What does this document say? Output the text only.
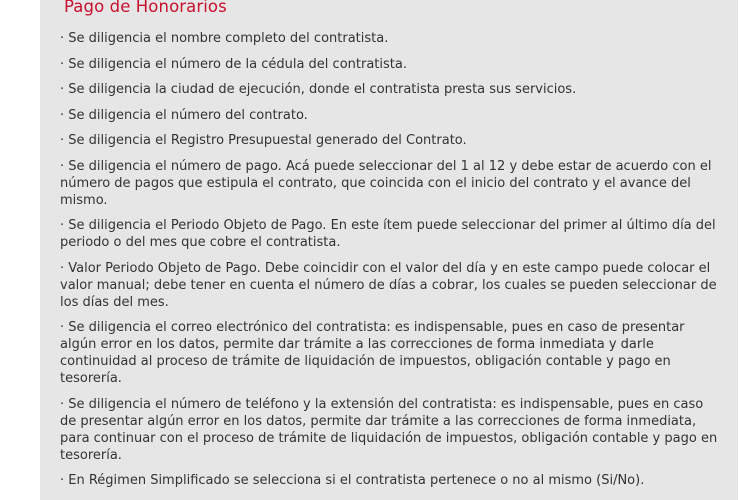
Pago de Honorarios
· Se diligencia el nombre completo del contratista.
· Se diligencia el número de la cédula del contratista.
· Se diligencia la ciudad de ejecución, donde el contratista presta sus servicios.
· Se diligencia el número del contrato.
· Se diligencia el Registro Presupuestal generado del Contrato.
· Se diligencia el número de pago. Acá puede seleccionar del 1 al 12 y debe estar de acuerdo con el número de pagos que estipula el contrato, que coincida con el inicio del contrato y el avance del mismo.
· Se diligencia el Periodo Objeto de Pago. En este ítem puede seleccionar del primer al último día del periodo o del mes que cobre el contratista.
· Valor Periodo Objeto de Pago. Debe coincidir con el valor del día y en este campo puede colocar el valor manual; debe tener en cuenta el número de días a cobrar, los cuales se pueden seleccionar de los días del mes.
· Se diligencia el correo electrónico del contratista: es indispensable, pues en caso de presentar algún error en los datos, permite dar trámite a las correcciones de forma inmediata y darle continuidad al proceso de trámite de liquidación de impuestos, obligación contable y pago en tesorería.
· Se diligencia el número de teléfono y la extensión del contratista: es indispensable, pues en caso de presentar algún error en los datos, permite dar trámite a las correcciones de forma inmediata, para continuar con el proceso de trámite de liquidación de impuestos, obligación contable y pago en tesorería.
· En Régimen Simplificado se selecciona si el contratista pertenece o no al mismo (Si/No).
